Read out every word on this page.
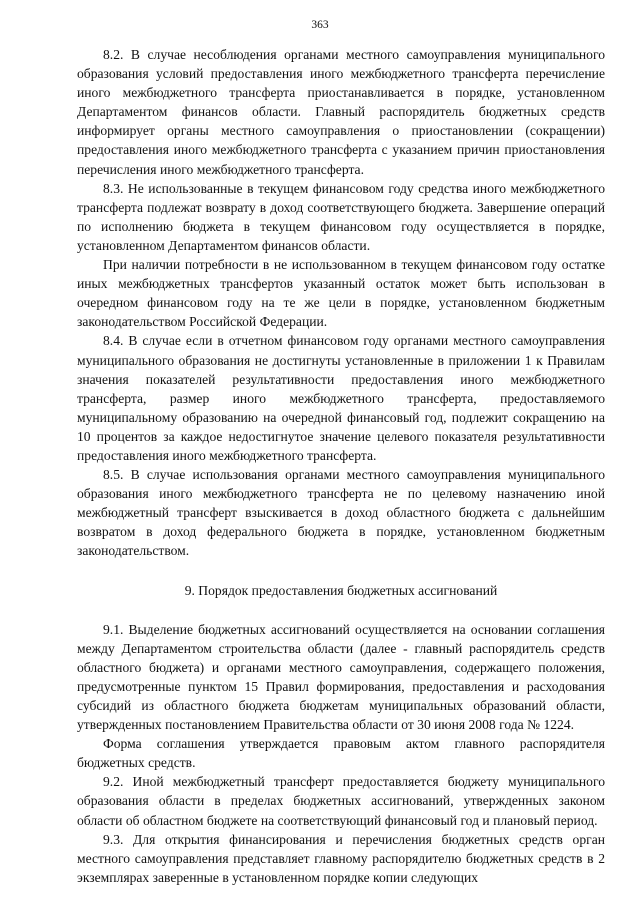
363

8.2. В случае несоблюдения органами местного самоуправления муниципального образования условий предоставления иного межбюджетного трансферта перечисление иного межбюджетного трансферта приостанавливается в порядке, установленном Департаментом финансов области. Главный распорядитель бюджетных средств информирует органы местного самоуправления о приостановлении (сокращении) предоставления иного межбюджетного трансферта с указанием причин приостановления перечисления иного межбюджетного трансферта.

8.3. Не использованные в текущем финансовом году средства иного межбюджетного трансферта подлежат возврату в доход соответствующего бюджета. Завершение операций по исполнению бюджета в текущем финансовом году осуществляется в порядке, установленном Департаментом финансов области.

При наличии потребности в не использованном в текущем финансовом году остатке иных межбюджетных трансфертов указанный остаток может быть использован в очередном финансовом году на те же цели в порядке, установленном бюджетным законодательством Российской Федерации.

8.4. В случае если в отчетном финансовом году органами местного самоуправления муниципального образования не достигнуты установленные в приложении 1 к Правилам значения показателей результативности предоставления иного межбюджетного трансферта, размер иного межбюджетного трансферта, предоставляемого муниципальному образованию на очередной финансовый год, подлежит сокращению на 10 процентов за каждое недостигнутое значение целевого показателя результативности предоставления иного межбюджетного трансферта.

8.5. В случае использования органами местного самоуправления муниципального образования иного межбюджетного трансферта не по целевому назначению иной межбюджетный трансферт взыскивается в доход областного бюджета с дальнейшим возвратом в доход федерального бюджета в порядке, установленном бюджетным законодательством.

9. Порядок предоставления бюджетных ассигнований

9.1. Выделение бюджетных ассигнований осуществляется на основании соглашения между Департаментом строительства области (далее - главный распорядитель средств областного бюджета) и органами местного самоуправления, содержащего положения, предусмотренные пунктом 15 Правил формирования, предоставления и расходования субсидий из областного бюджета бюджетам муниципальных образований области, утвержденных постановлением Правительства области от 30 июня 2008 года № 1224.

Форма соглашения утверждается правовым актом главного распорядителя бюджетных средств.

9.2. Иной межбюджетный трансферт предоставляется бюджету муниципального образования области в пределах бюджетных ассигнований, утвержденных законом области об областном бюджете на соответствующий финансовый год и плановый период.

9.3. Для открытия финансирования и перечисления бюджетных средств орган местного самоуправления представляет главному распорядителю бюджетных средств в 2 экземплярах заверенные в установленном порядке копии следующих
